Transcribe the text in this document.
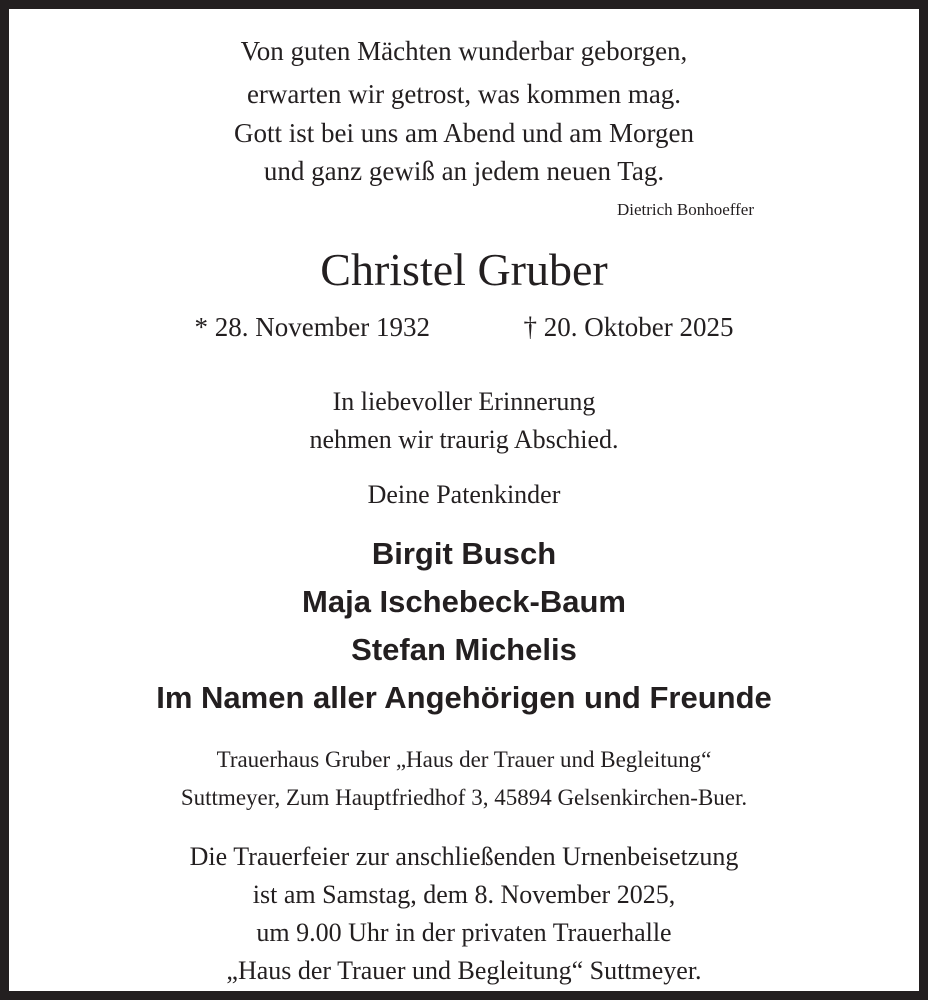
Von guten Mächten wunderbar geborgen,
erwarten wir getrost, was kommen mag.
Gott ist bei uns am Abend und am Morgen
und ganz gewiß an jedem neuen Tag.
Dietrich Bonhoeffer
Christel Gruber
* 28. November 1932	† 20. Oktober 2025
In liebevoller Erinnerung
nehmen wir traurig Abschied.
Deine Patenkinder
Birgit Busch
Maja Ischebeck-Baum
Stefan Michelis
Im Namen aller Angehörigen und Freunde
Trauerhaus Gruber „Haus der Trauer und Begleitung“
Suttmeyer, Zum Hauptfriedhof 3, 45894 Gelsenkirchen-Buer.
Die Trauerfeier zur anschließenden Urnenbeisetzung
ist am Samstag, dem 8. November 2025,
um 9.00 Uhr in der privaten Trauerhalle
„Haus der Trauer und Begleitung“ Suttmeyer.
